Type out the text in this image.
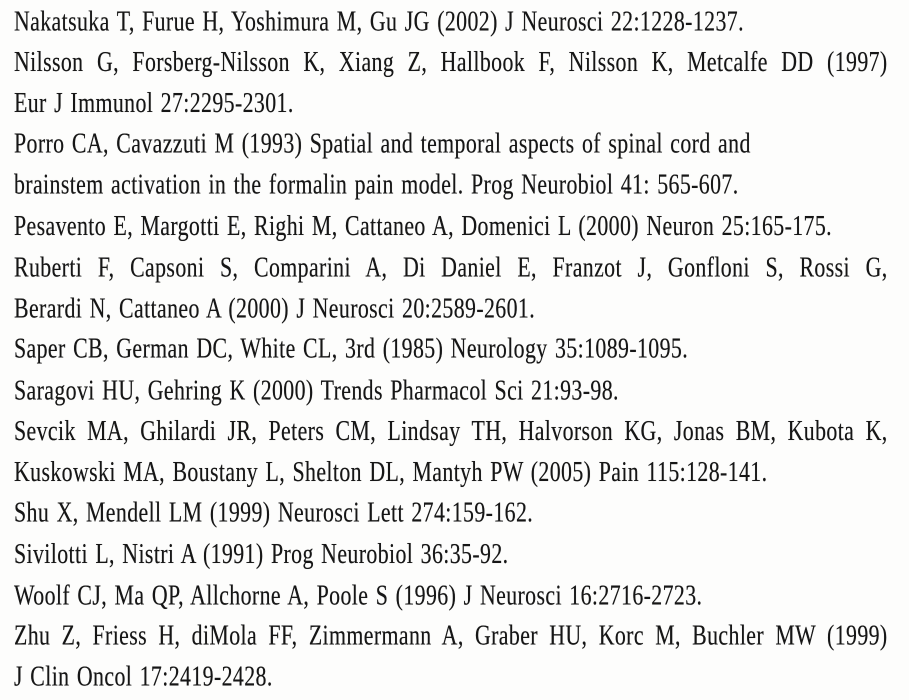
Nakatsuka T, Furue H, Yoshimura M, Gu JG (2002) J Neurosci 22:1228-1237.
Nilsson G, Forsberg-Nilsson K, Xiang Z, Hallbook F, Nilsson K, Metcalfe DD (1997)
Eur J Immunol 27:2295-2301.
Porro CA, Cavazzuti M (1993) Spatial and temporal aspects of spinal cord and
brainstem activation in the formalin pain model. Prog Neurobiol 41: 565-607.
Pesavento E, Margotti E, Righi M, Cattaneo A, Domenici L (2000) Neuron 25:165-175.
Ruberti F, Capsoni S, Comparini A, Di Daniel E, Franzot J, Gonfloni S, Rossi G,
Berardi N, Cattaneo A (2000) J Neurosci 20:2589-2601.
Saper CB, German DC, White CL, 3rd (1985) Neurology 35:1089-1095.
Saragovi HU, Gehring K (2000) Trends Pharmacol Sci 21:93-98.
Sevcik MA, Ghilardi JR, Peters CM, Lindsay TH, Halvorson KG, Jonas BM, Kubota K,
Kuskowski MA, Boustany L, Shelton DL, Mantyh PW (2005) Pain 115:128-141.
Shu X, Mendell LM (1999) Neurosci Lett 274:159-162.
Sivilotti L, Nistri A (1991) Prog Neurobiol 36:35-92.
Woolf CJ, Ma QP, Allchorne A, Poole S (1996) J Neurosci 16:2716-2723.
Zhu Z, Friess H, diMola FF, Zimmermann A, Graber HU, Korc M, Buchler MW (1999)
J Clin Oncol 17:2419-2428.
